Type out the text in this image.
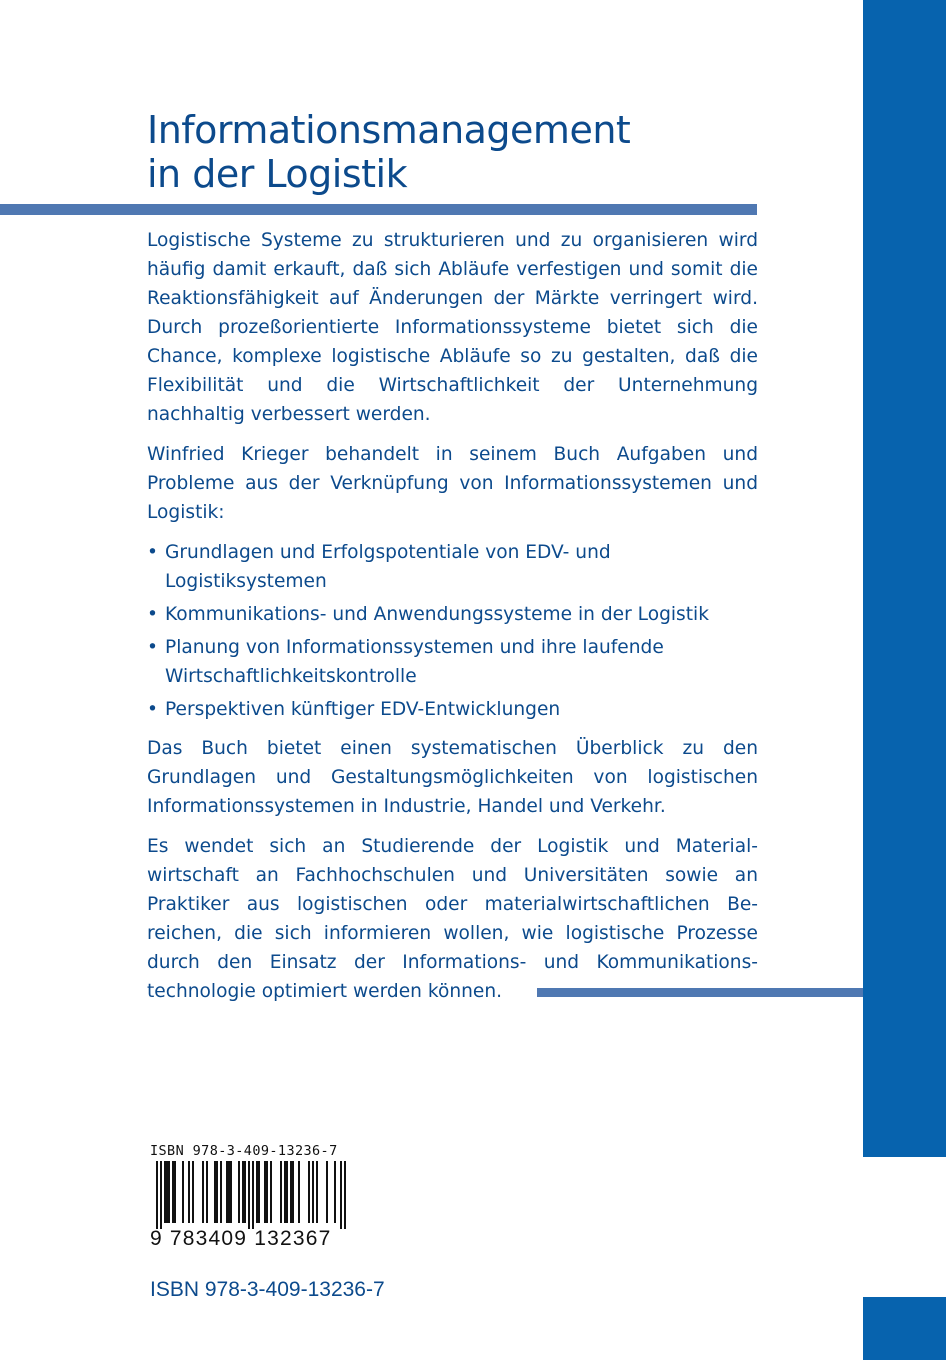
Informationsmanagement
in der Logistik

Logistische Systeme zu strukturieren und zu organisieren wird häufig damit erkauft, daß sich Abläufe verfestigen und somit die Reaktionsfähigkeit auf Änderungen der Märkte verringert wird. Durch prozeßorientierte Informationssysteme bietet sich die Chance, komplexe logistische Abläufe so zu gestalten, daß die Flexibilität und die Wirtschaftlichkeit der Unternehmung nachhaltig verbessert werden.

Winfried Krieger behandelt in seinem Buch Aufgaben und Probleme aus der Verknüpfung von Informationssystemen und Logistik:

• Grundlagen und Erfolgspotentiale von EDV- und Logistiksystemen
• Kommunikations- und Anwendungssysteme in der Logistik
• Planung von Informationssystemen und ihre laufende Wirtschaftlichkeitskontrolle
• Perspektiven künftiger EDV-Entwicklungen

Das Buch bietet einen systematischen Überblick zu den Grundlagen und Gestaltungsmöglichkeiten von logistischen Informationssystemen in Industrie, Handel und Verkehr.

Es wendet sich an Studierende der Logistik und Materialwirtschaft an Fachhochschulen und Universitäten sowie an Praktiker aus logistischen oder materialwirtschaftlichen Bereichen, die sich informieren wollen, wie logistische Prozesse durch den Einsatz der Informations- und Kommunikationstechnologie optimiert werden können.

ISBN 978-3-409-13236-7
9 783409 132367
ISBN 978-3-409-13236-7
